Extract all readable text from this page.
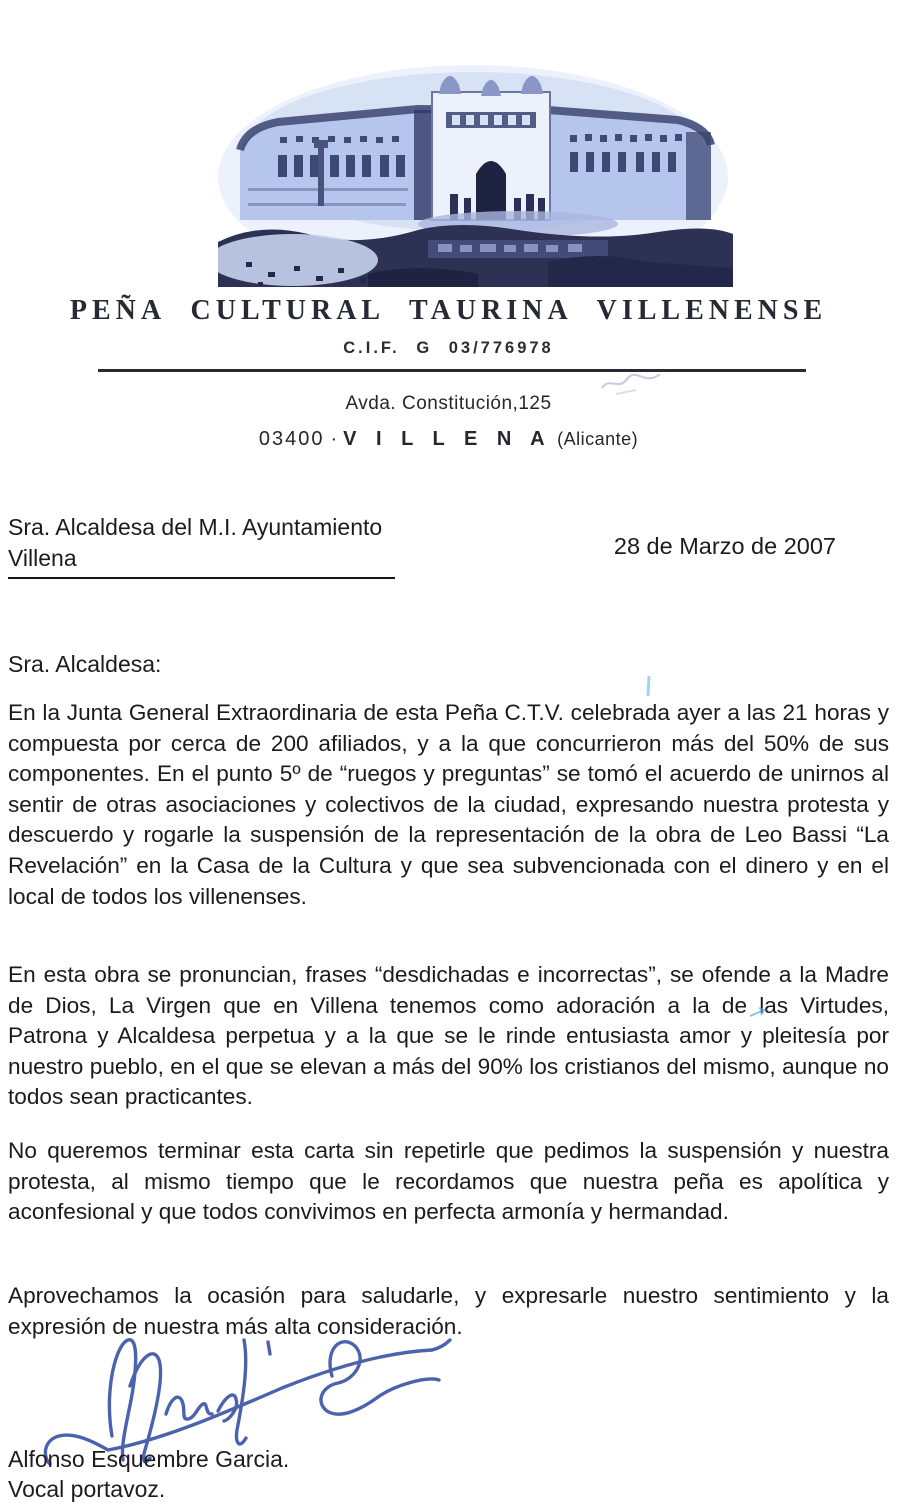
PEÑA CULTURAL TAURINA VILLENENSE
C.I.F. G 03/776978
Avda. Constitución,125
03400 · V I L L E N A (Alicante)
Sra. Alcaldesa del M.I. Ayuntamiento
Villena	28 de Marzo de 2007
Sra. Alcaldesa:

En la Junta General Extraordinaria de esta Peña C.T.V. celebrada ayer a las 21 horas y compuesta por cerca de 200 afiliados, y a la que concurrieron más del 50% de sus componentes. En el punto 5º de “ruegos y preguntas” se tomó el acuerdo de unirnos al sentir de otras asociaciones y colectivos de la ciudad, expresando nuestra protesta y descuerdo y rogarle la suspensión de la representación de la obra de Leo Bassi “La Revelación” en la Casa de la Cultura y que sea subvencionada con el dinero y en el local de todos los villenenses.

En esta obra se pronuncian, frases “desdichadas e incorrectas”, se ofende a la Madre de Dios, La Virgen que en Villena tenemos como adoración a la de las Virtudes, Patrona y Alcaldesa perpetua y a la que se le rinde entusiasta amor y pleitesía por nuestro pueblo, en el que se elevan a más del 90% los cristianos del mismo, aunque no todos sean practicantes.

No queremos terminar esta carta sin repetirle que pedimos la suspensión y nuestra protesta, al mismo tiempo que le recordamos que nuestra peña es apolítica y aconfesional y que todos convivimos en perfecta armonía y hermandad.

Aprovechamos la ocasión para saludarle, y expresarle nuestro sentimiento y la expresión de nuestra más alta consideración.

Alfonso Esquembre Garcia.
Vocal portavoz.
